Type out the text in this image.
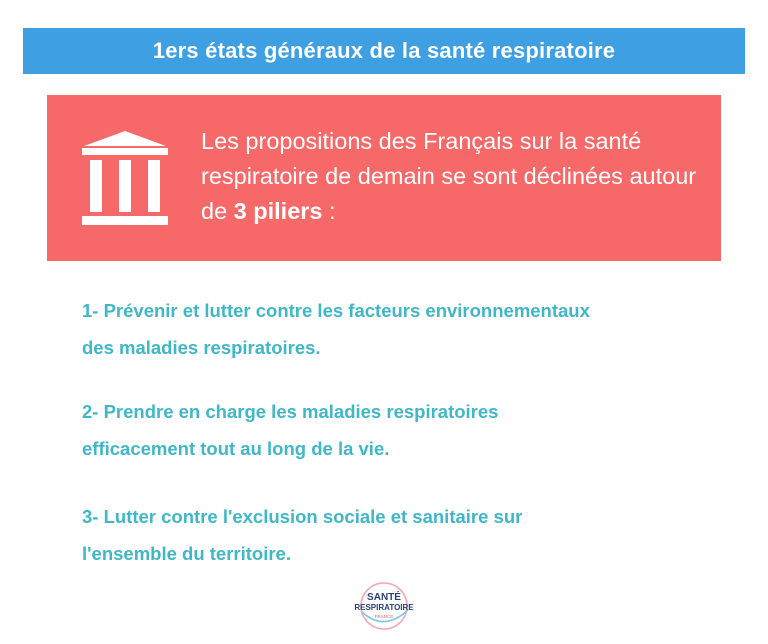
1ers états généraux de la santé respiratoire
Les propositions des Français sur la santé respiratoire de demain se sont déclinées autour de 3 piliers :
1- Prévenir et lutter contre les facteurs environnementaux
des maladies respiratoires.
2- Prendre en charge les maladies respiratoires
efficacement tout au long de la vie.
3- Lutter contre l'exclusion sociale et sanitaire sur
l'ensemble du territoire.
SANTÉ
RESPIRATOIRE
FRANCE
